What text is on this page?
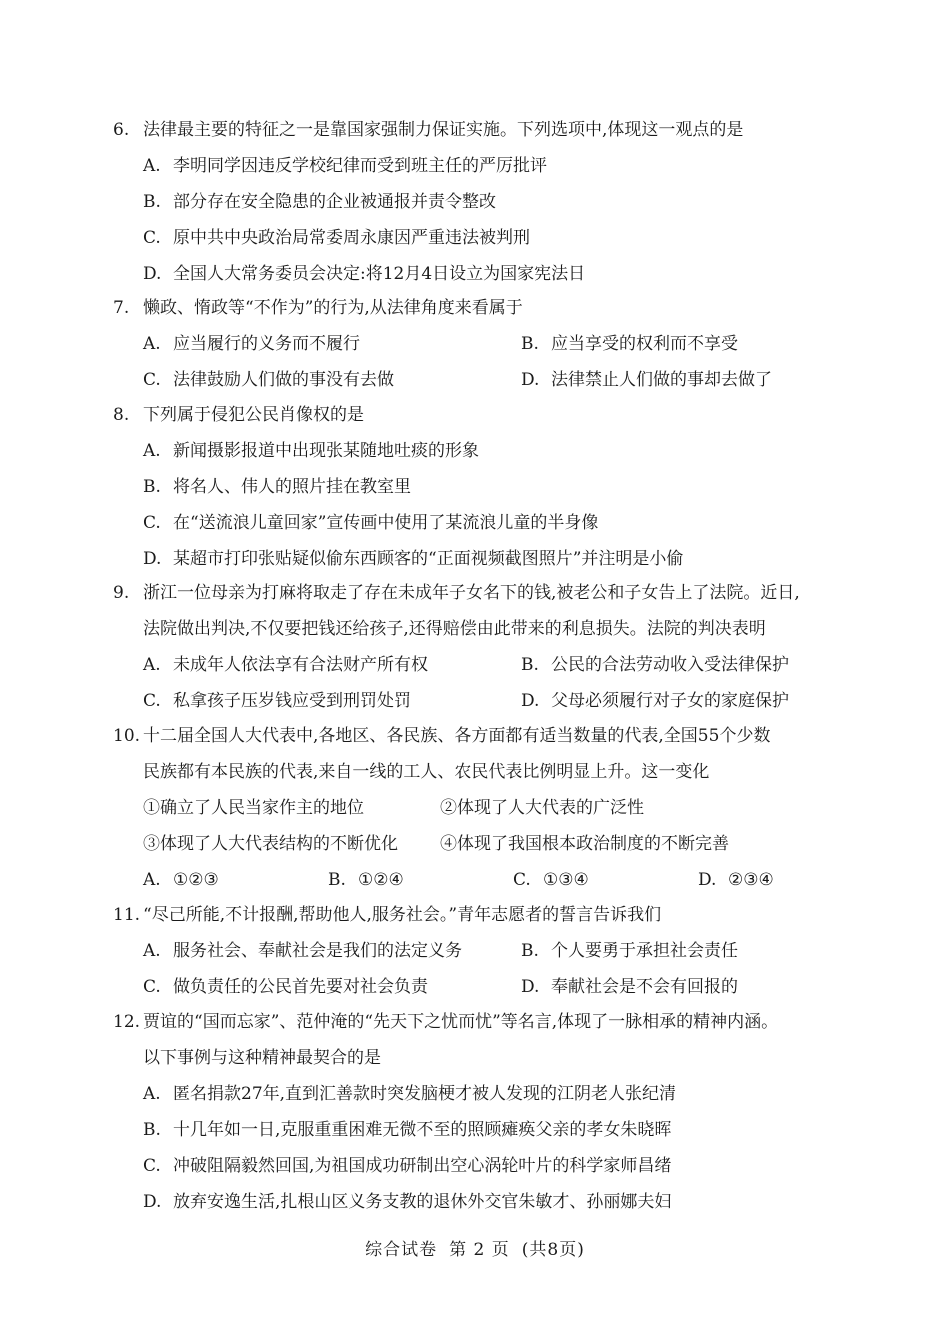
6. 法律最主要的特征之一是靠国家强制力保证实施。下列选项中,体现这一观点的是
A. 李明同学因违反学校纪律而受到班主任的严厉批评
B. 部分存在安全隐患的企业被通报并责令整改
C. 原中共中央政治局常委周永康因严重违法被判刑
D. 全国人大常务委员会决定:将12月4日设立为国家宪法日
7. 懒政、惰政等“不作为”的行为,从法律角度来看属于
A. 应当履行的义务而不履行	B. 应当享受的权利而不享受
C. 法律鼓励人们做的事没有去做	D. 法律禁止人们做的事却去做了
8. 下列属于侵犯公民肖像权的是
A. 新闻摄影报道中出现张某随地吐痰的形象
B. 将名人、伟人的照片挂在教室里
C. 在“送流浪儿童回家”宣传画中使用了某流浪儿童的半身像
D. 某超市打印张贴疑似偷东西顾客的“正面视频截图照片”并注明是小偷
9. 浙江一位母亲为打麻将取走了存在未成年子女名下的钱,被老公和子女告上了法院。近日,
法院做出判决,不仅要把钱还给孩子,还得赔偿由此带来的利息损失。法院的判决表明
A. 未成年人依法享有合法财产所有权	B. 公民的合法劳动收入受法律保护
C. 私拿孩子压岁钱应受到刑罚处罚	D. 父母必须履行对子女的家庭保护
10. 十二届全国人大代表中,各地区、各民族、各方面都有适当数量的代表,全国55个少数
民族都有本民族的代表,来自一线的工人、农民代表比例明显上升。这一变化
①确立了人民当家作主的地位	②体现了人大代表的广泛性
③体现了人大代表结构的不断优化 ④体现了我国根本政治制度的不断完善
A. ①②③	B. ①②④	C. ①③④	D. ②③④
11. “尽己所能,不计报酬,帮助他人,服务社会。”青年志愿者的誓言告诉我们
A. 服务社会、奉献社会是我们的法定义务	B. 个人要勇于承担社会责任
C. 做负责任的公民首先要对社会负责	D. 奉献社会是不会有回报的
12. 贾谊的“国而忘家”、范仲淹的“先天下之忧而忧”等名言,体现了一脉相承的精神内涵。
以下事例与这种精神最契合的是
A. 匿名捐款27年,直到汇善款时突发脑梗才被人发现的江阴老人张纪清
B. 十几年如一日,克服重重困难无微不至的照顾瘫痪父亲的孝女朱晓晖
C. 冲破阻隔毅然回国,为祖国成功研制出空心涡轮叶片的科学家师昌绪
D. 放弃安逸生活,扎根山区义务支教的退休外交官朱敏才、孙丽娜夫妇
综合试卷 第 2 页 (共8页)
